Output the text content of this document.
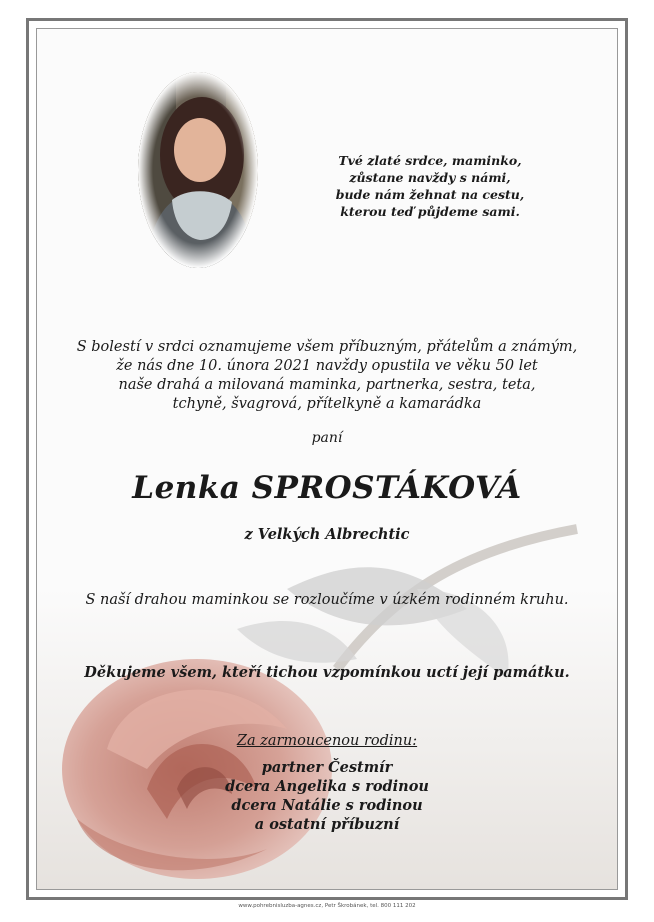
Tvé zlaté srdce, maminko,
zůstane navždy s námi,
bude nám žehnat na cestu,
kterou teď půjdeme sami.
S bolestí v srdci oznamujeme všem příbuzným, přátelům a známým,
že nás dne 10. února 2021 navždy opustila ve věku 50 let
naše drahá a milovaná maminka, partnerka, sestra, teta,
tchyně, švagrová, přítelkyně a kamarádka
paní
Lenka SPROSTÁKOVÁ
z Velkých Albrechtic
S naší drahou maminkou se rozloučíme v úzkém rodinném kruhu.
Děkujeme všem, kteří tichou vzpomínkou uctí její památku.
Za zarmoucenou rodinu:
partner Čestmír
dcera Angelika s rodinou
dcera Natálie s rodinou
a ostatní příbuzní
www.pohrebnisluzba-agnes.cz, Petr Škrobánek, tel. 800 111 202
